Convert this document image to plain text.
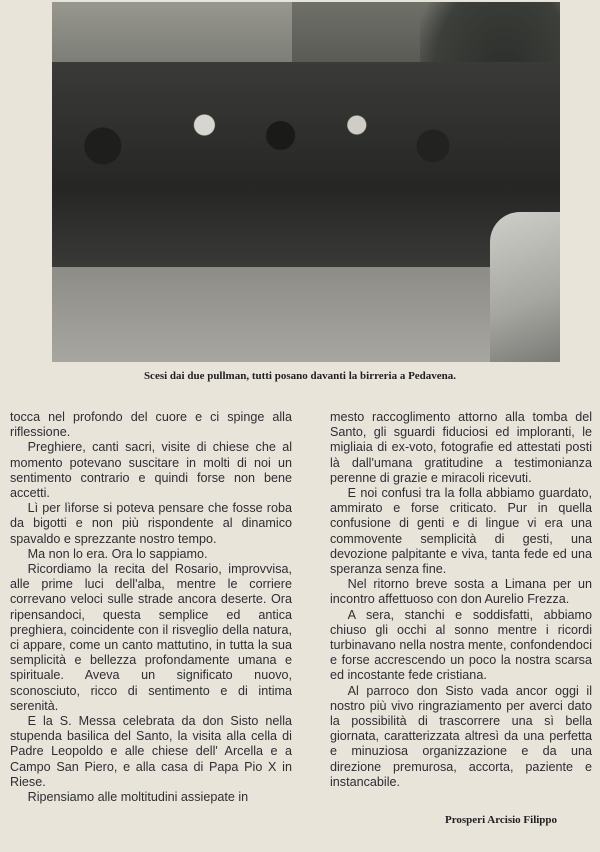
Scesi dai due pullman, tutti posano davanti la birreria a Pedavena.

tocca nel profondo del cuore e ci spinge alla riflessione.

Preghiere, canti sacri, visite di chiese che al momento potevano suscitare in molti di noi un sentimento contrario e quindi forse non bene accetti.

Lì per lìforse si poteva pensare che fosse roba da bigotti e non più rispondente al dinamico spavaldo e sprezzante nostro tempo.

Ma non lo era. Ora lo sappiamo.

Ricordiamo la recita del Rosario, improvvisa, alle prime luci dell'alba, mentre le corriere correvano veloci sulle strade ancora deserte. Ora ripensandoci, questa semplice ed antica preghiera, coincidente con il risveglio della natura, ci appare, come un canto mattutino, in tutta la sua semplicità e bellezza profondamente umana e spirituale. Aveva un significato nuovo, sconosciuto, ricco di sentimento e di intima serenità.

E la S. Messa celebrata da don Sisto nella stupenda basilica del Santo, la visita alla cella di Padre Leopoldo e alle chiese dell' Arcella e a Campo San Piero, e alla casa di Papa Pio X in Riese.

Ripensiamo alle moltitudini assiepate in

mesto raccoglimento attorno alla tomba del Santo, gli sguardi fiduciosi ed imploranti, le migliaia di ex-voto, fotografie ed attestati posti là dall'umana gratitudine a testimonianza perenne di grazie e miracoli ricevuti.

E noi confusi tra la folla abbiamo guardato, ammirato e forse criticato. Pur in quella confusione di genti e di lingue vi era una commovente semplicità di gesti, una devozione palpitante e viva, tanta fede ed una speranza senza fine.

Nel ritorno breve sosta a Limana per un incontro affettuoso con don Aurelio Frezza.

A sera, stanchi e soddisfatti, abbiamo chiuso gli occhi al sonno mentre i ricordi turbinavano nella nostra mente, confondendoci e forse accrescendo un poco la nostra scarsa ed incostante fede cristiana.

Al parroco don Sisto vada ancor oggi il nostro più vivo ringraziamento per averci dato la possibilità di trascorrere una sì bella giornata, caratterizzata altresì da una perfetta e minuziosa organizzazione e da una direzione premurosa, accorta, paziente e instancabile.

Prosperi Arcisio Filippo
